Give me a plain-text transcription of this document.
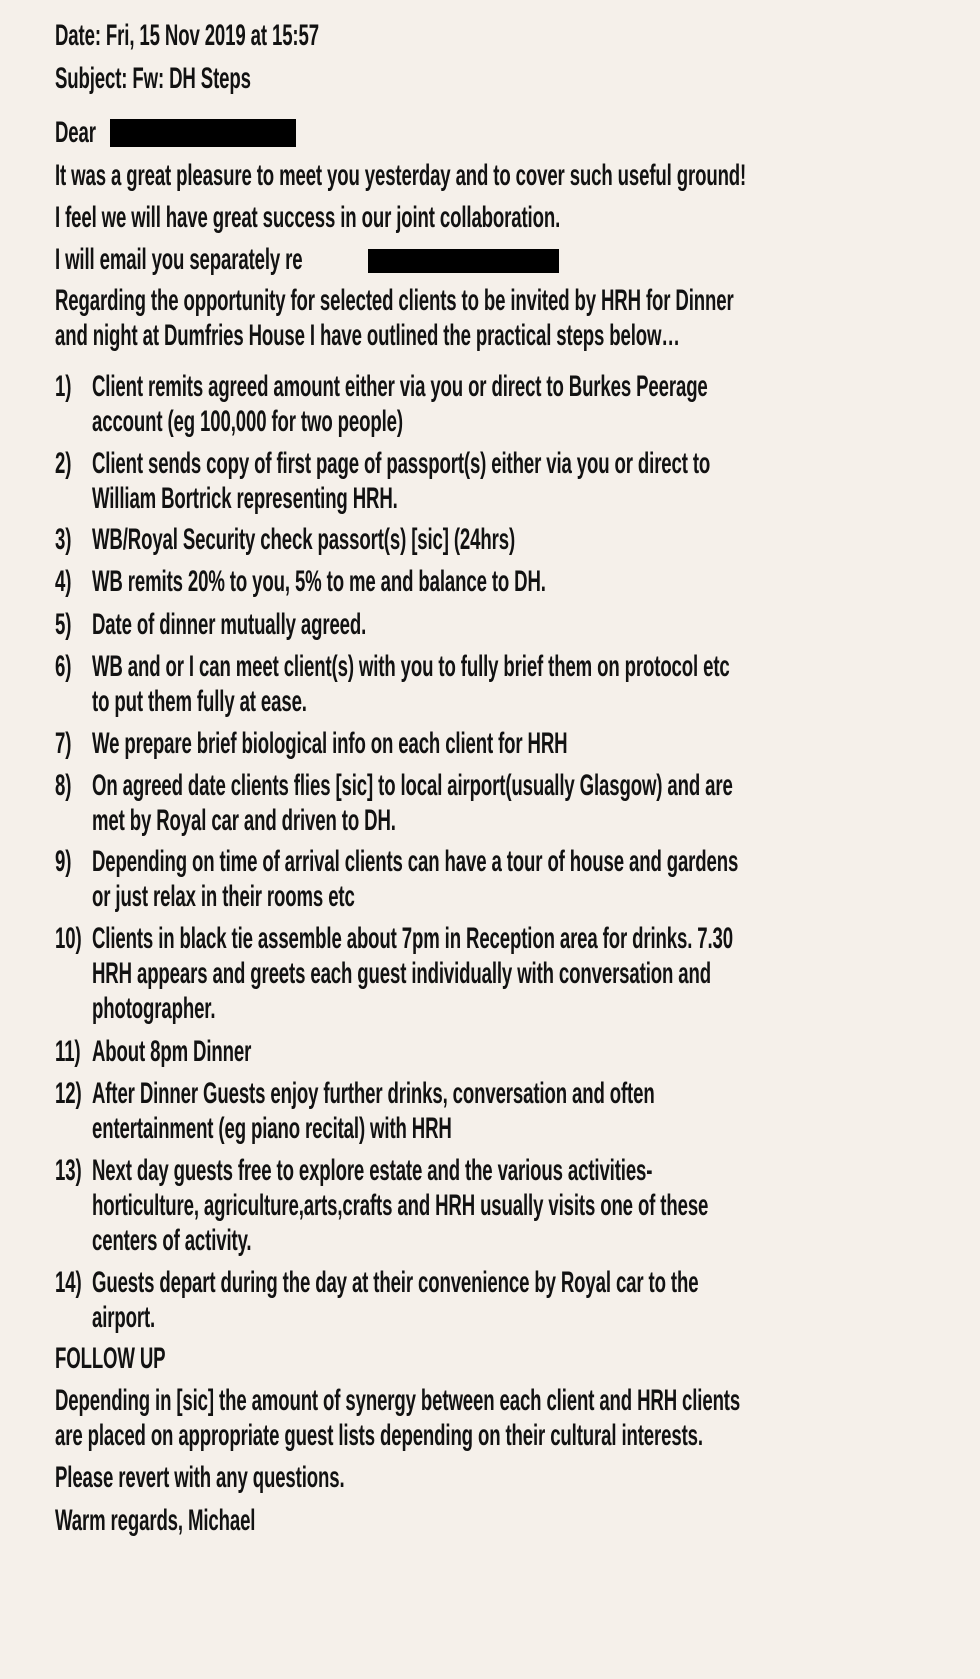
Date: Fri, 15 Nov 2019 at 15:57
Subject: Fw: DH Steps
Dear
It was a great pleasure to meet you yesterday and to cover such useful ground!
I feel we will have great success in our joint collaboration.
I will email you separately re
Regarding the opportunity for selected clients to be invited by HRH for Dinner
and night at Dumfries House I have outlined the practical steps below…
1) Client remits agreed amount either via you or direct to Burkes Peerage
account (eg 100,000 for two people)
2) Client sends copy of first page of passport(s) either via you or direct to
William Bortrick representing HRH.
3) WB/Royal Security check passort(s) [sic] (24hrs)
4) WB remits 20% to you, 5% to me and balance to DH.
5) Date of dinner mutually agreed.
6) WB and or I can meet client(s) with you to fully brief them on protocol etc
to put them fully at ease.
7) We prepare brief biological info on each client for HRH
8) On agreed date clients flies [sic] to local airport(usually Glasgow) and are
met by Royal car and driven to DH.
9) Depending on time of arrival clients can have a tour of house and gardens
or just relax in their rooms etc
10) Clients in black tie assemble about 7pm in Reception area for drinks. 7.30
HRH appears and greets each guest individually with conversation and
photographer.
11) About 8pm Dinner
12) After Dinner Guests enjoy further drinks, conversation and often
entertainment (eg piano recital) with HRH
13) Next day guests free to explore estate and the various activities-
horticulture, agriculture,arts,crafts and HRH usually visits one of these
centers of activity.
14) Guests depart during the day at their convenience by Royal car to the
airport.
FOLLOW UP
Depending in [sic] the amount of synergy between each client and HRH clients
are placed on appropriate guest lists depending on their cultural interests.
Please revert with any questions.
Warm regards, Michael
